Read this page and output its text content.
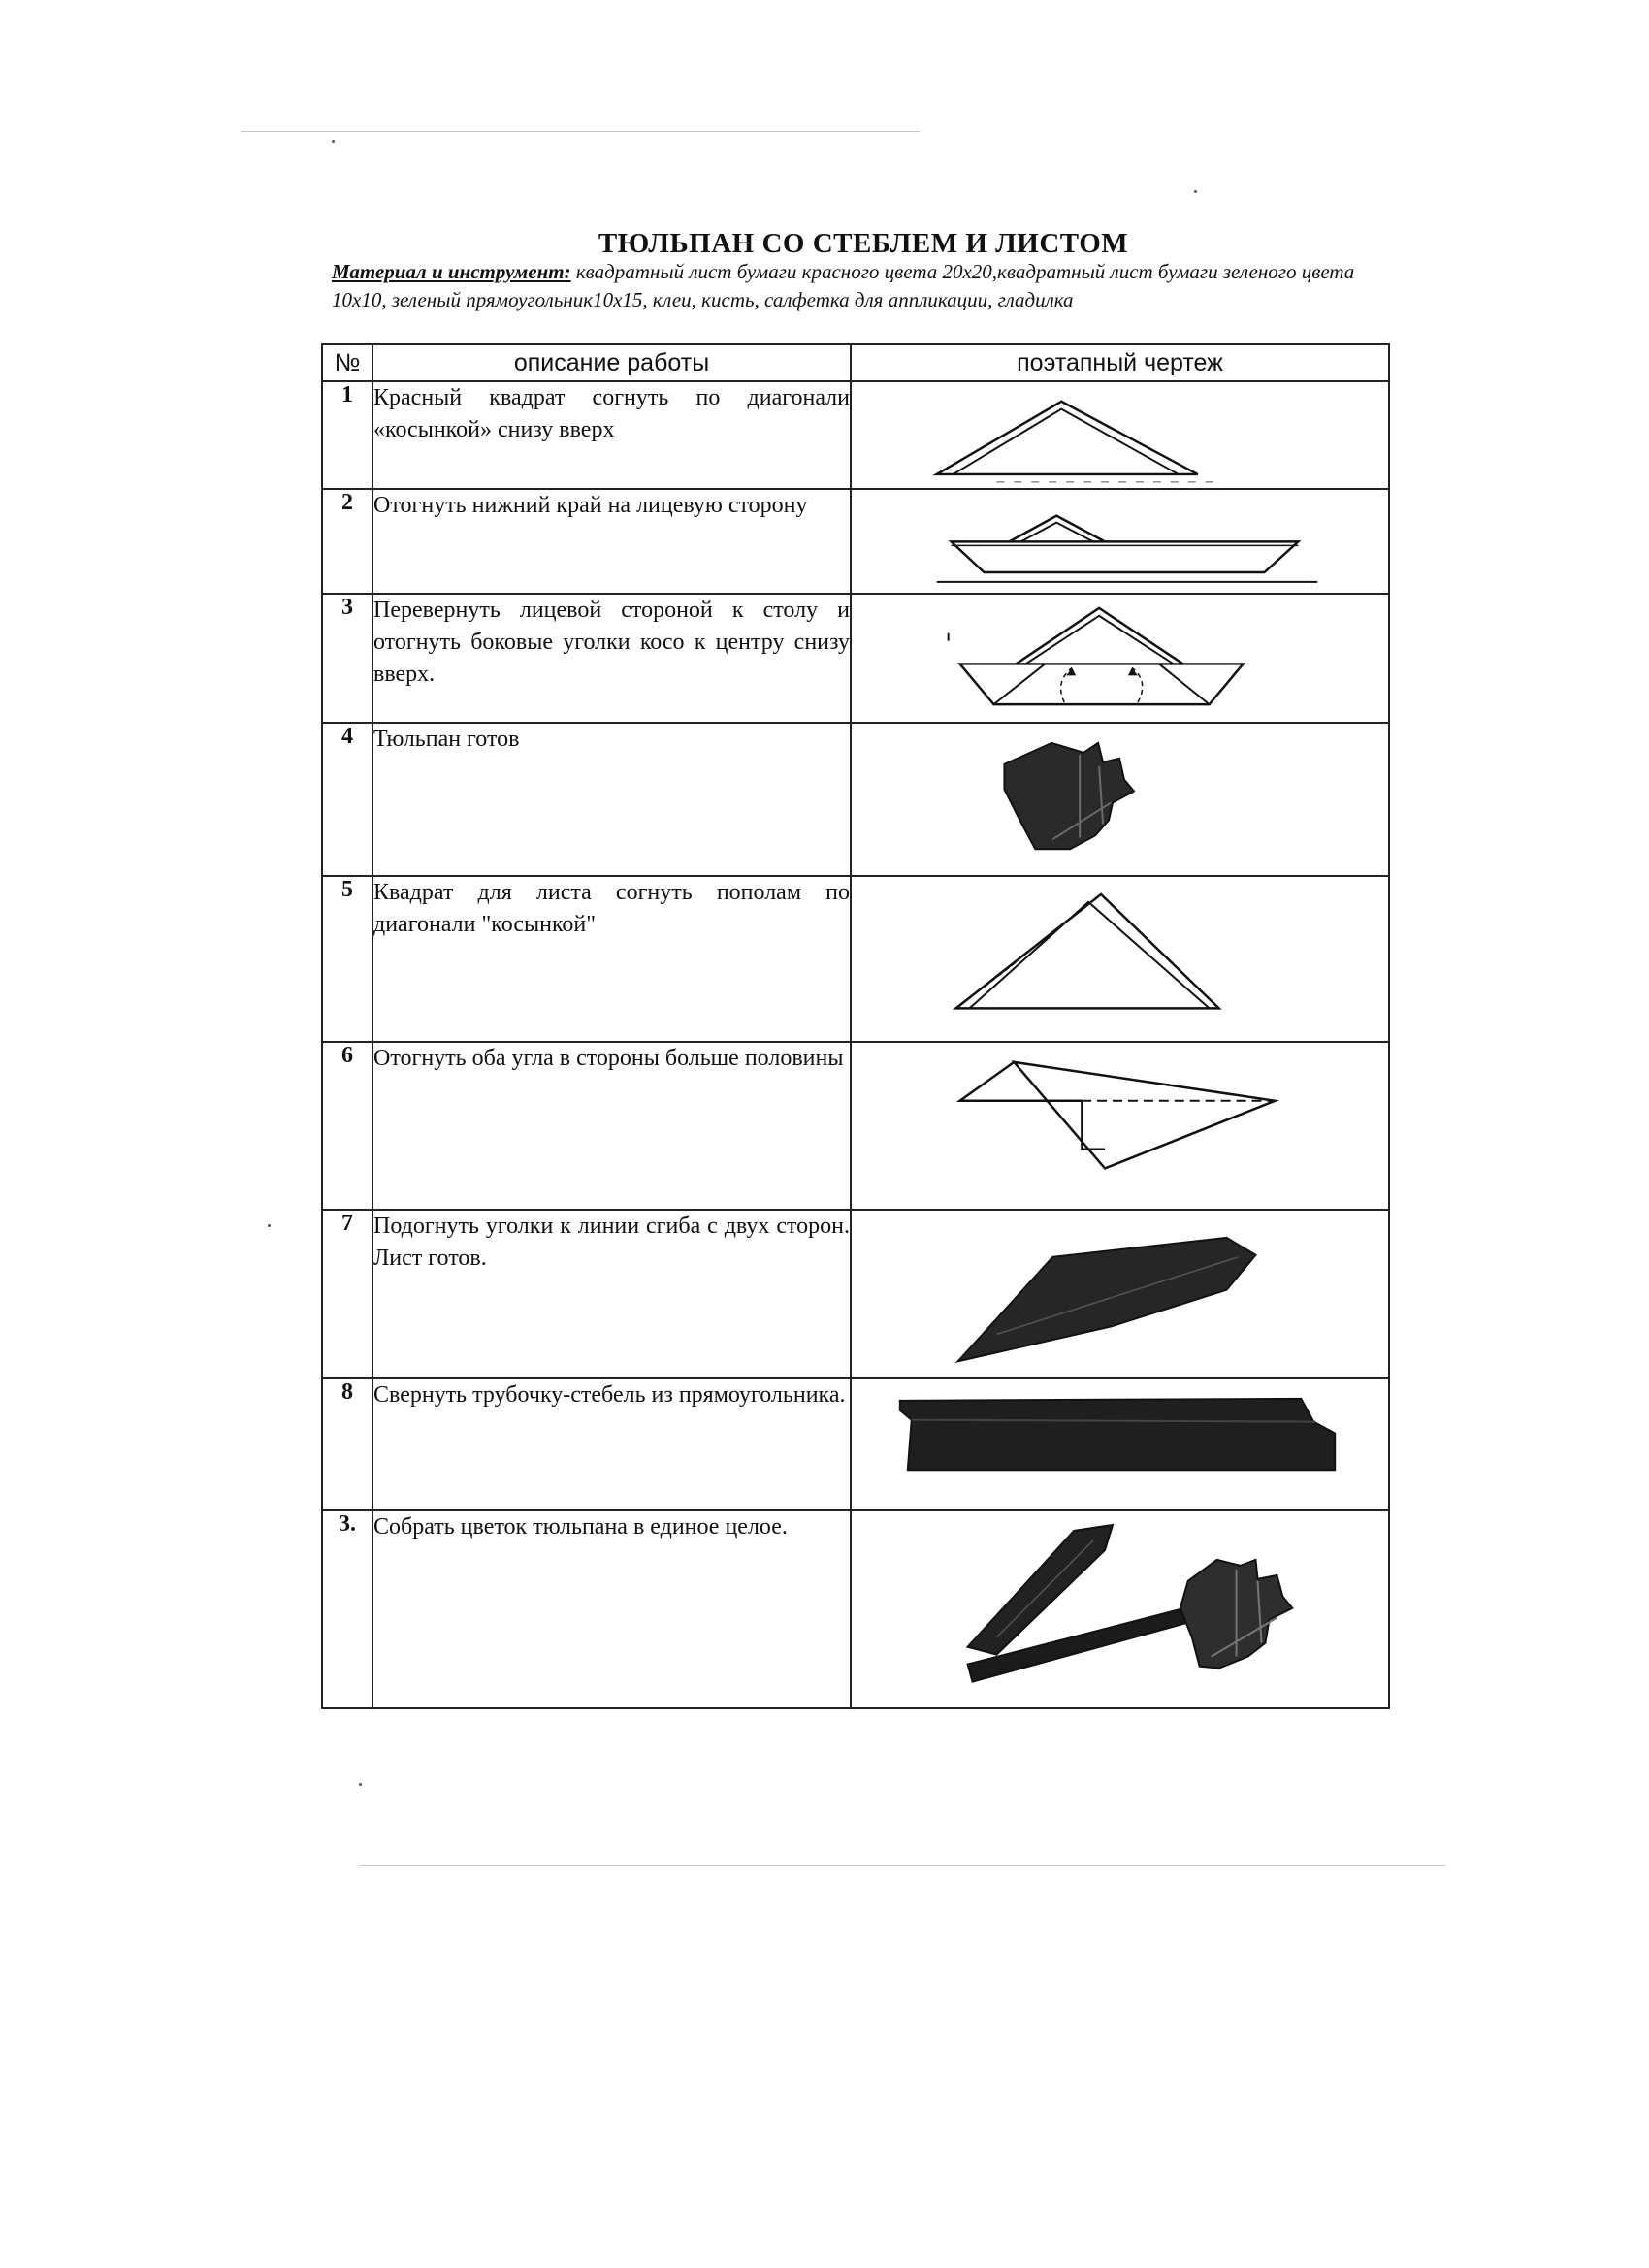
ТЮЛЬПАН СО СТЕБЛЕМ И ЛИСТОМ
Материал и инструмент: квадратный лист бумаги красного цвета 20х20,квадратный лист бумаги зеленого цвета 10х10, зеленый прямоугольник10х15, клеи, кисть, салфетка для аппликации, гладилка
№	описание работы	поэтапный чертеж
1	Красный квадрат согнуть по диагонали «косынкой» снизу вверх	

2	Отогнуть нижний край на лицевую сторону	

3	Перевернуть лицевой стороной к столу и отогнуть боковые уголки косо к центру снизу вверх.	

4	Тюльпан готов	

5	Квадрат для листа согнуть пополам по диагонали "косынкой"	

6	Отогнуть оба угла в стороны больше половины	

7	Подогнуть уголки к линии сгиба с двух сторон. Лист готов.	

8	Свернуть трубочку-стебель из прямоугольника.	

3.	Собрать цветок тюльпана в единое целое.	
